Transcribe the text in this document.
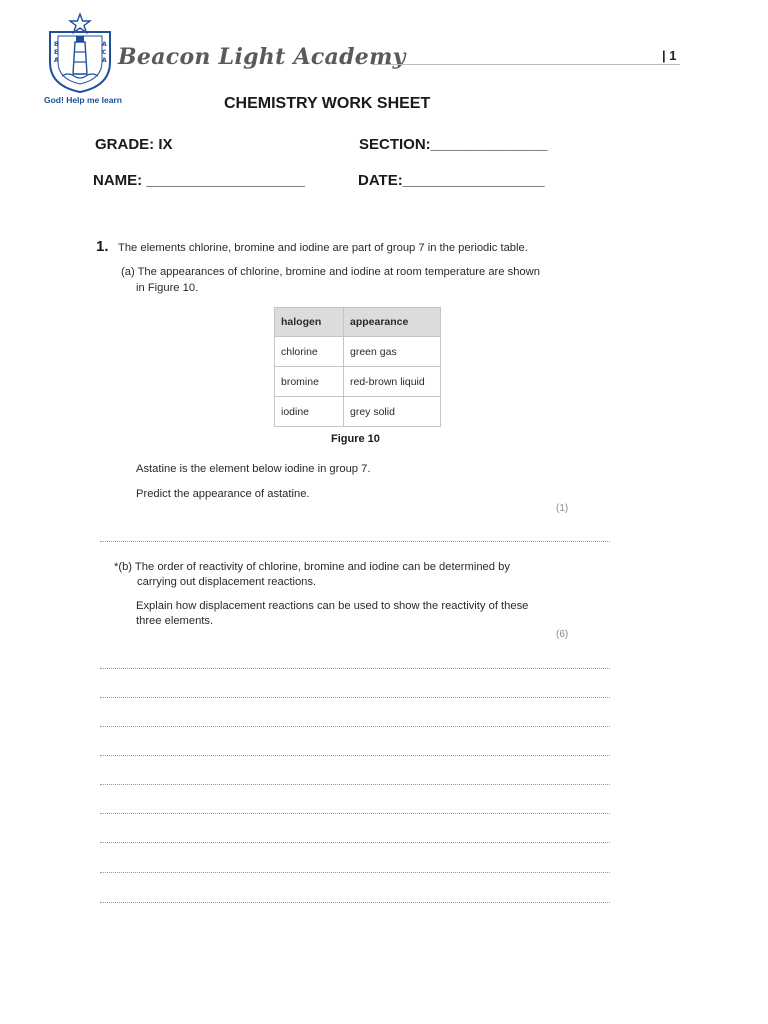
B
E
A
A
C
A
God! Help me learn
Beacon Light Academy	| 1
CHEMISTRY WORK SHEET
GRADE: IX	SECTION:______________
NAME: ___________________	DATE:_________________
1. The elements chlorine, bromine and iodine are part of group 7 in the periodic table.
(a) The appearances of chlorine, bromine and iodine at room temperature are shown
in Figure 10.
halogen	appearance
chlorine	green gas
bromine	red-brown liquid
iodine	grey solid
Figure 10
Astatine is the element below iodine in group 7.
Predict the appearance of astatine.
(1)
*(b) The order of reactivity of chlorine, bromine and iodine can be determined by
carrying out displacement reactions.
Explain how displacement reactions can be used to show the reactivity of these
three elements.
(6)
